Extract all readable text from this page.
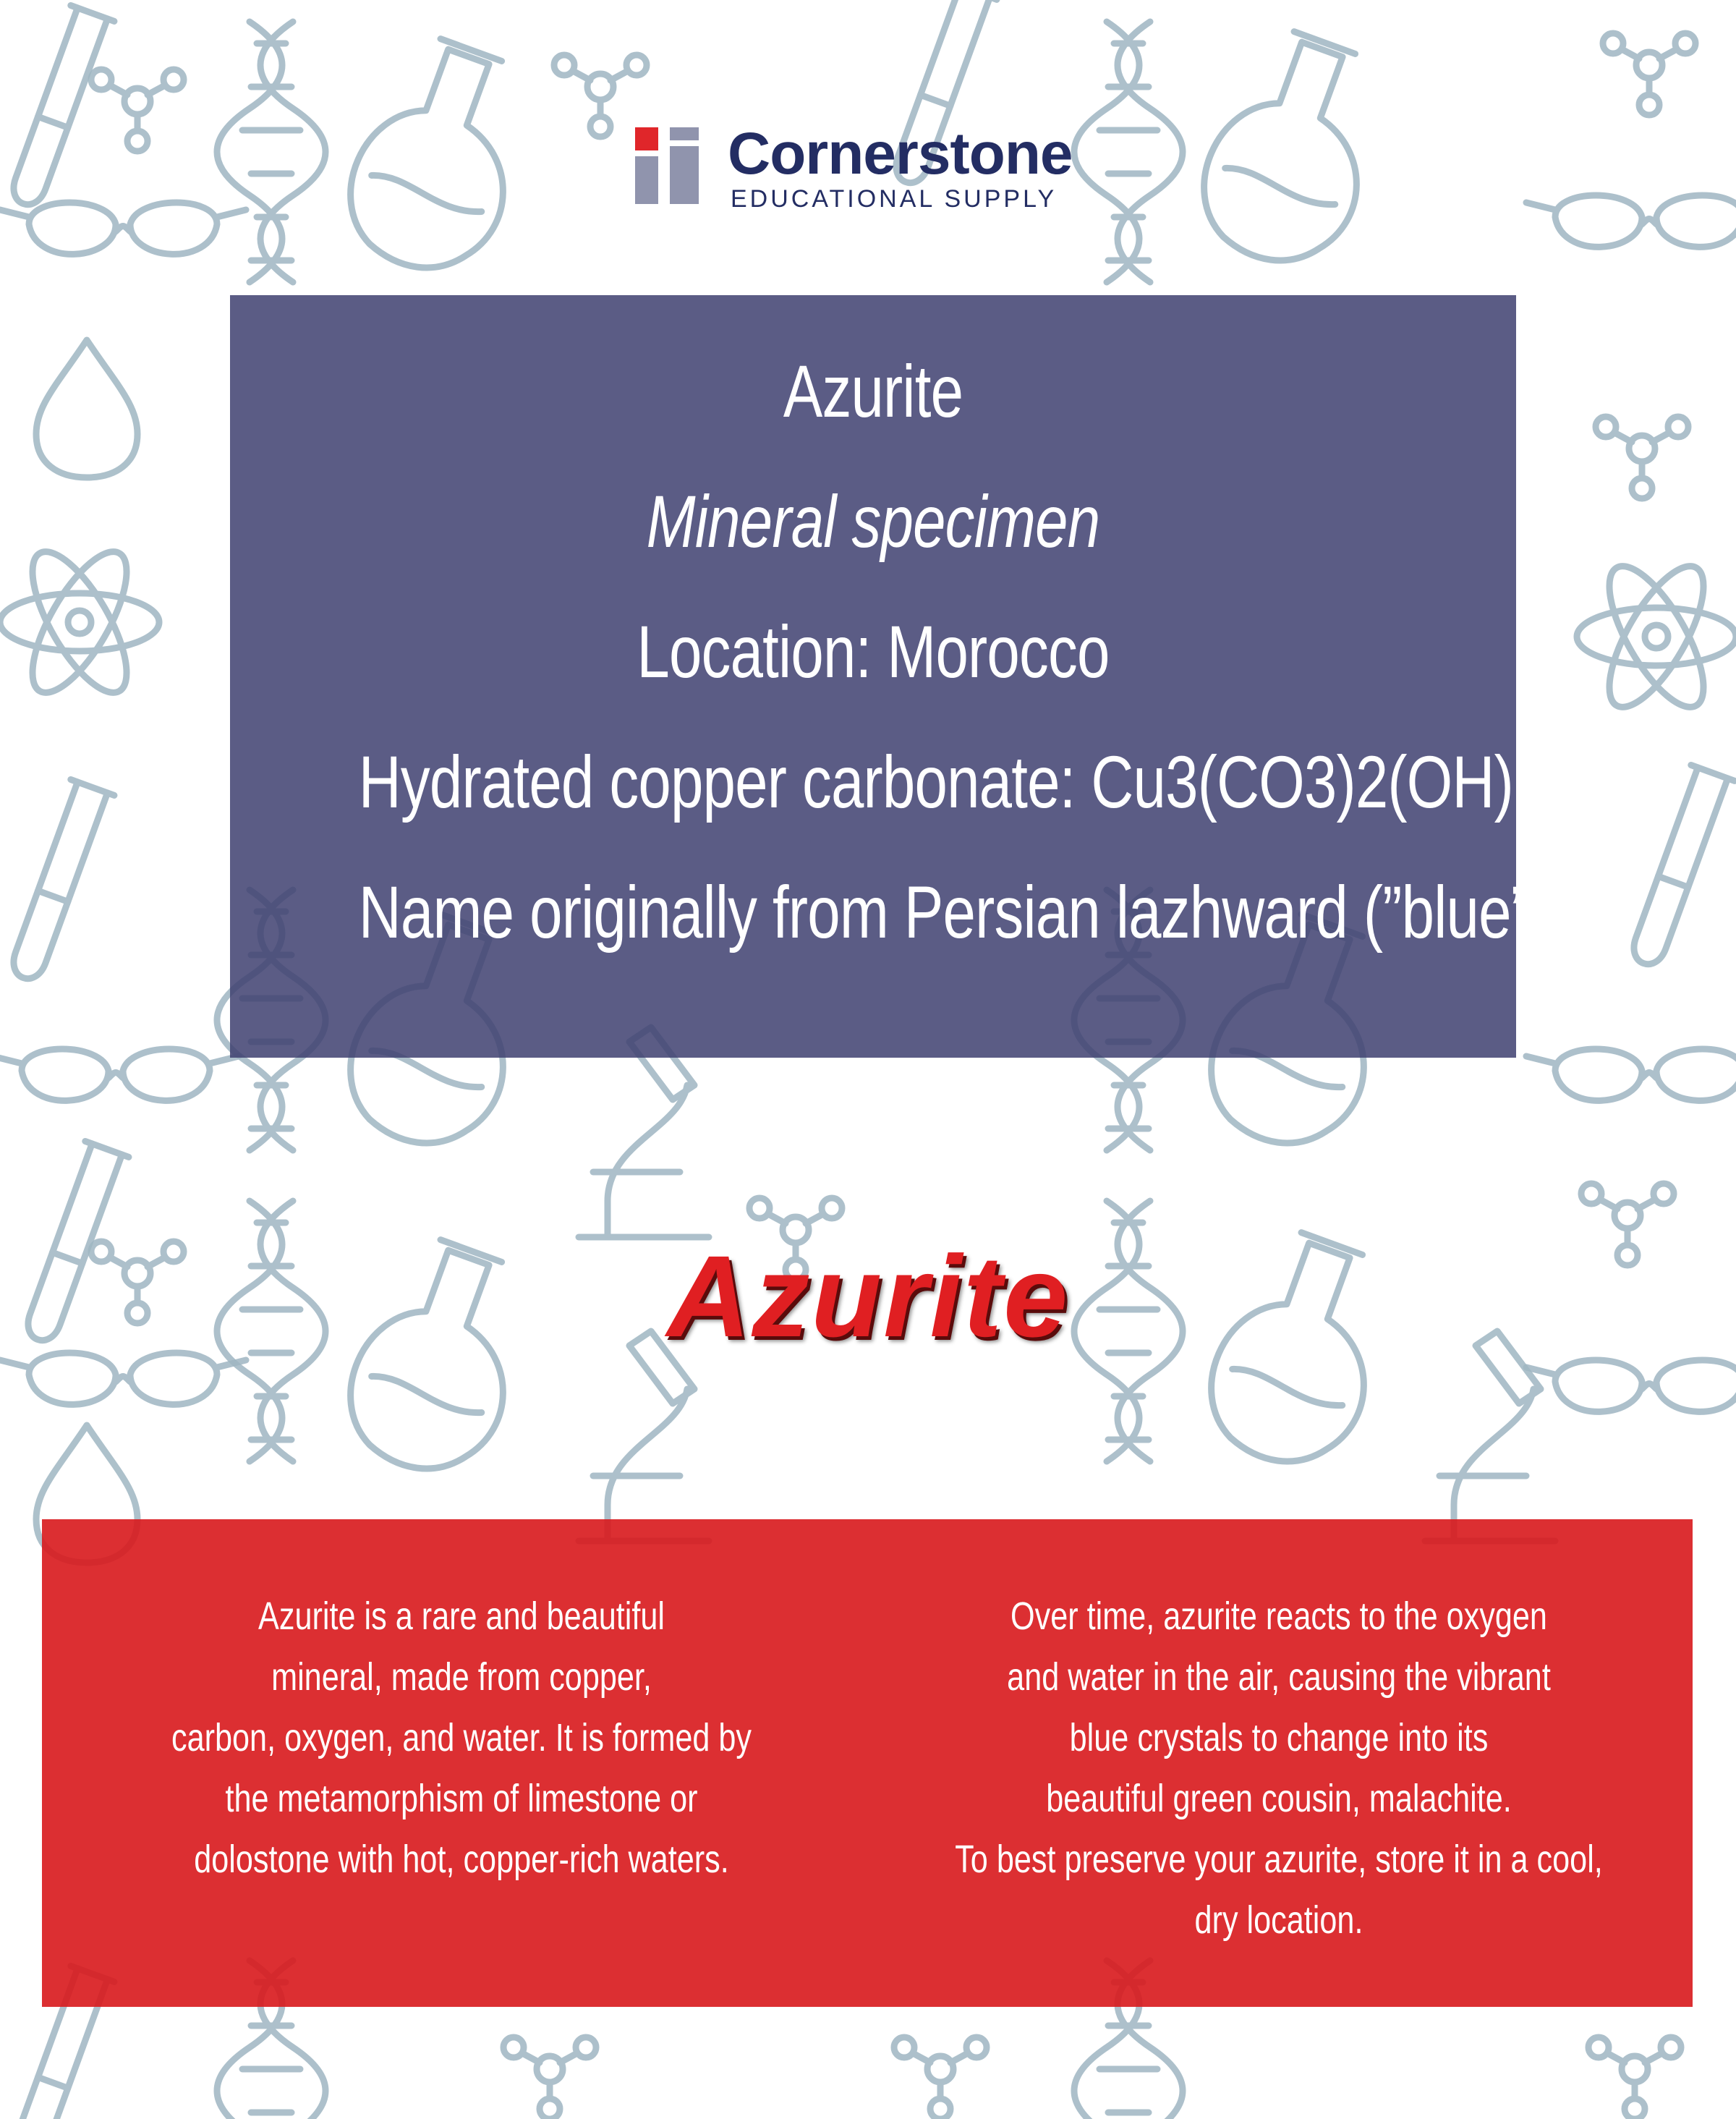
Cornerstone
EDUCATIONAL SUPPLY
Azurite
Mineral specimen
Location: Morocco
Hydrated copper carbonate: Cu3(CO3)2(OH)2
Name originally from Persian lazhward (”blue”)
Azurite
Azurite is a rare and beautiful
mineral, made from copper,
carbon, oxygen, and water. It is formed by
the metamorphism of limestone or
dolostone with hot, copper-rich waters.
Over time, azurite reacts to the oxygen
and water in the air, causing the vibrant
blue crystals to change into its
beautiful green cousin, malachite.
To best preserve your azurite, store it in a cool,
dry location.
